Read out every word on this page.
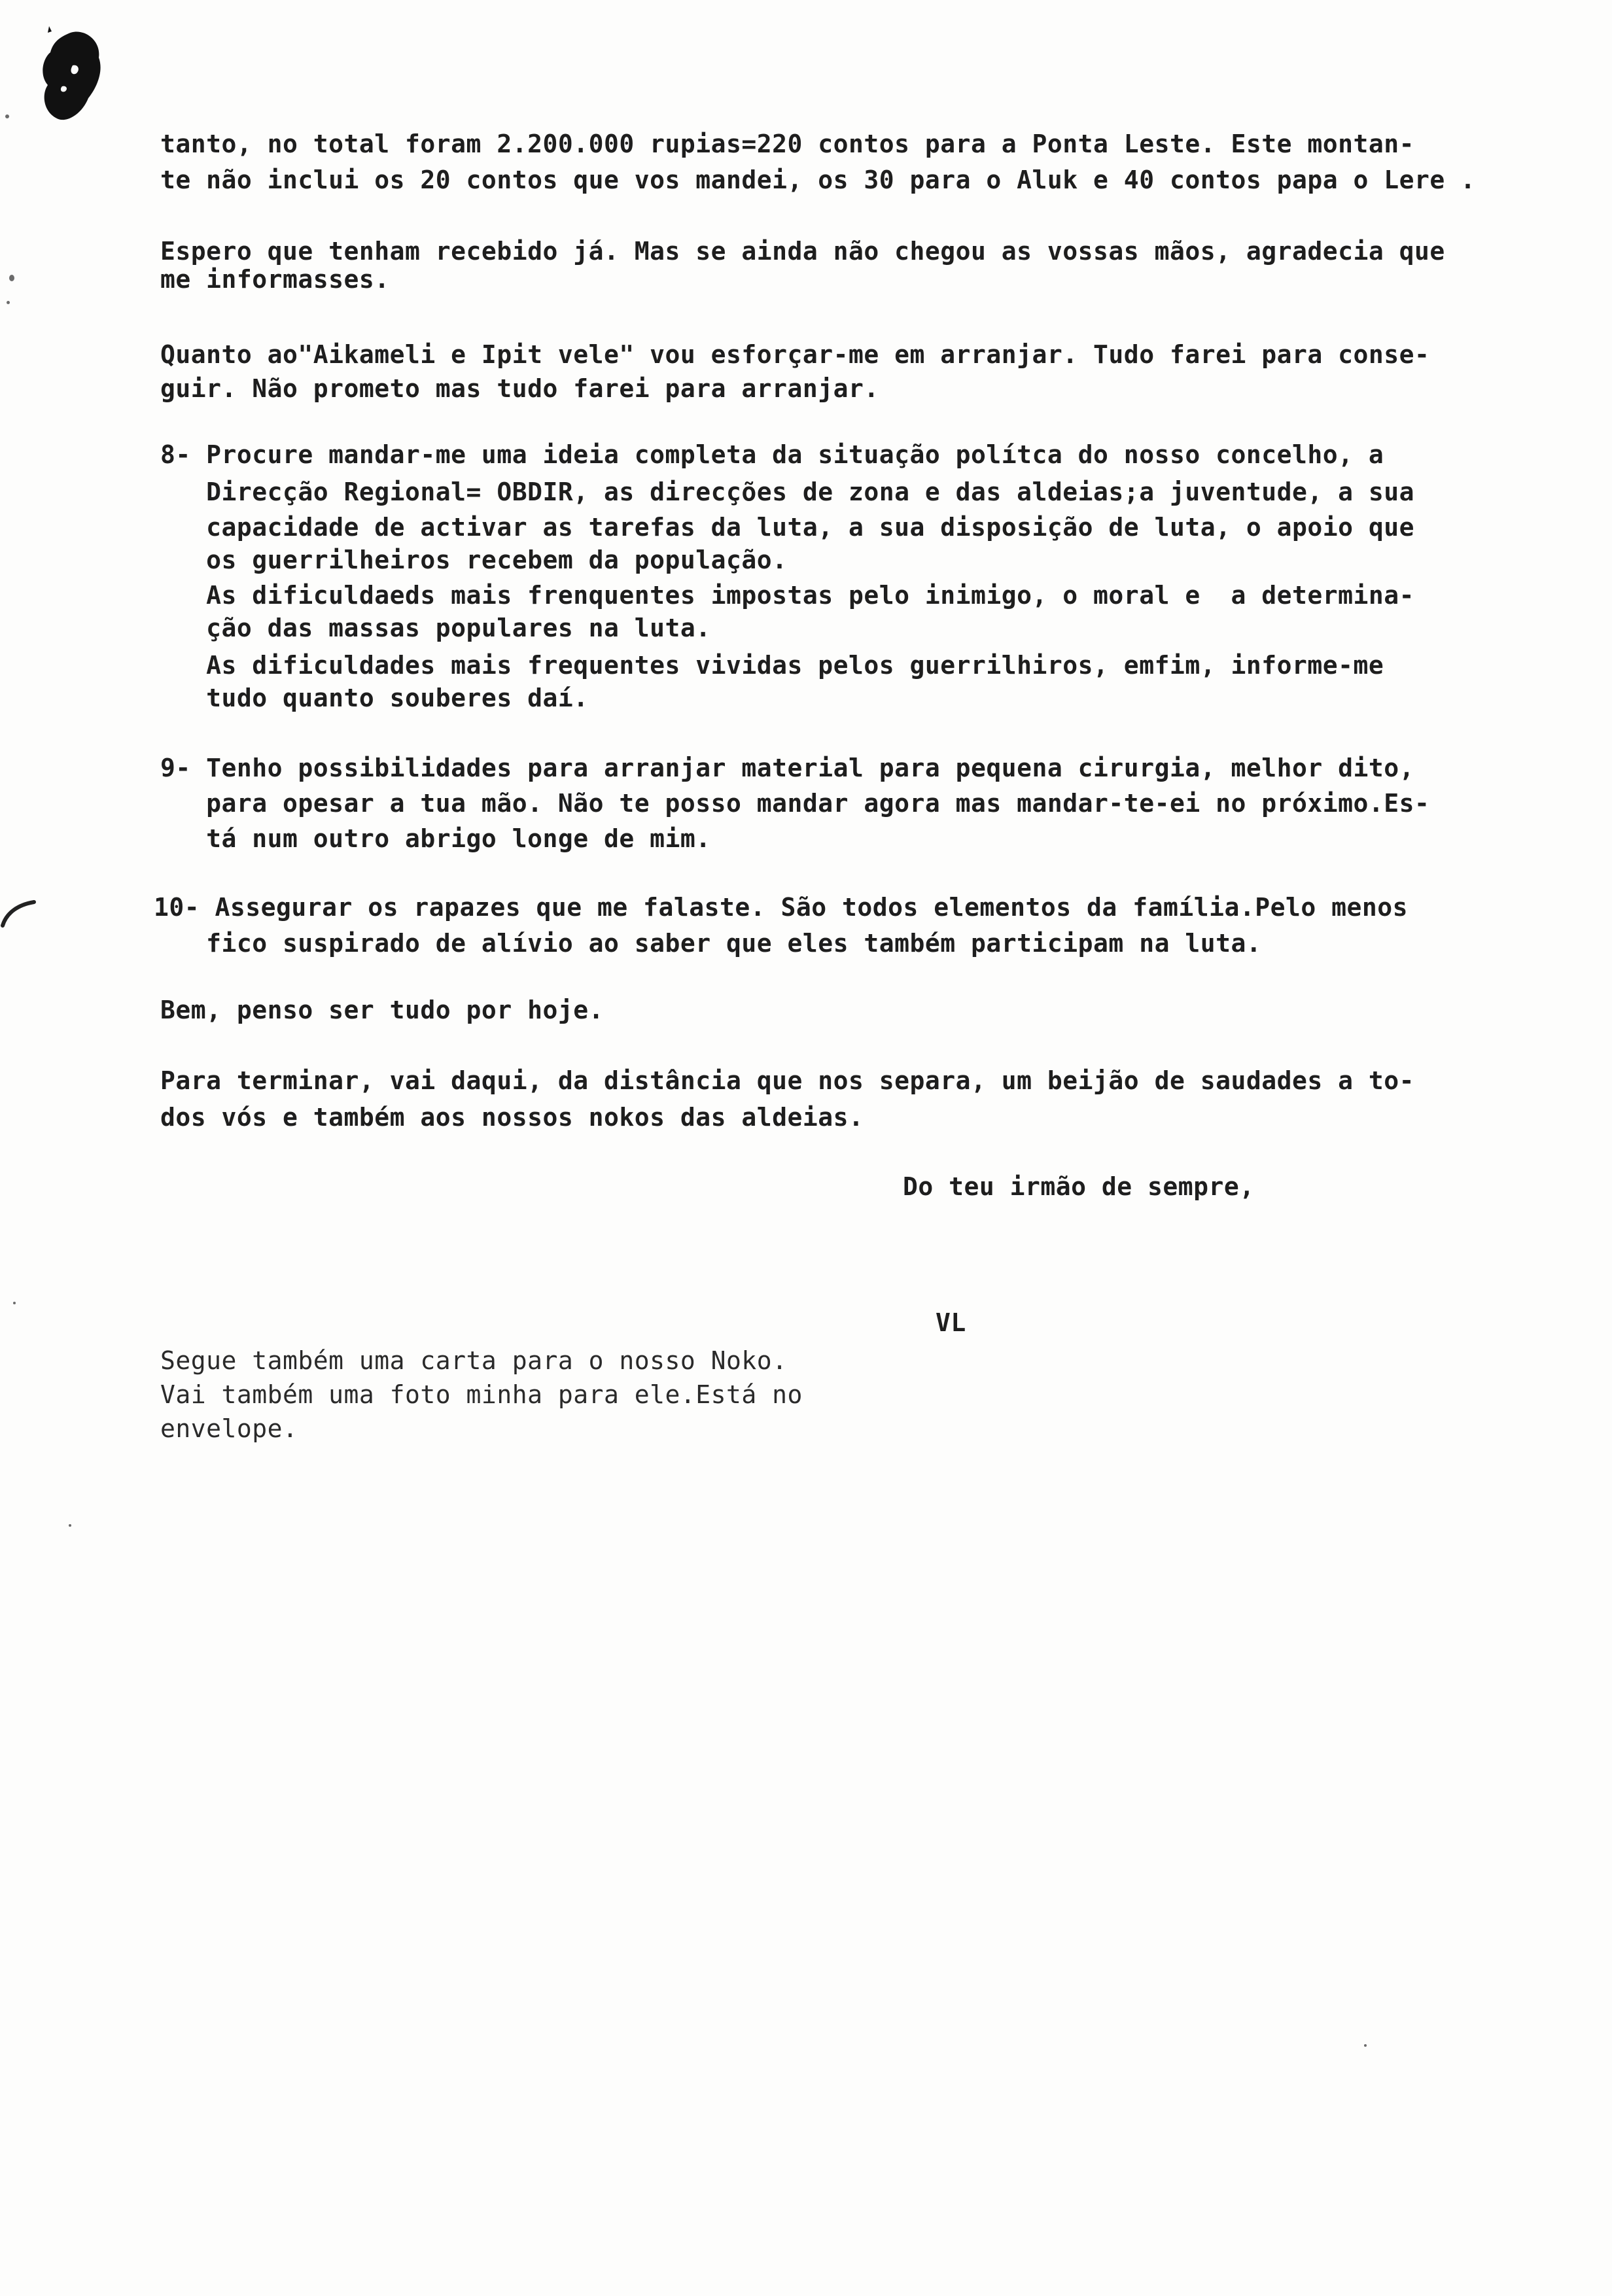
tanto, no total foram 2.200.000 rupias=220 contos para a Ponta Leste. Este montan-
te não inclui os 20 contos que vos mandei, os 30 para o Aluk e 40 contos papa o Lere .
Espero que tenham recebido já. Mas se ainda não chegou as vossas mãos, agradecia que
me informasses.
Quanto ao"Aikameli e Ipit vele" vou esforçar-me em arranjar. Tudo farei para conse-
guir. Não prometo mas tudo farei para arranjar.
8- Procure mandar-me uma ideia completa da situação polítca do nosso concelho, a
Direcção Regional= OBDIR, as direcções de zona e das aldeias;a juventude, a sua
capacidade de activar as tarefas da luta, a sua disposição de luta, o apoio que
os guerrilheiros recebem da população.
As dificuldaeds mais frenquentes impostas pelo inimigo, o moral e  a determina-
ção das massas populares na luta.
As dificuldades mais frequentes vividas pelos guerrilhiros, emfim, informe-me
tudo quanto souberes daí.
9- Tenho possibilidades para arranjar material para pequena cirurgia, melhor dito,
para opesar a tua mão. Não te posso mandar agora mas mandar-te-ei no próximo.Es-
tá num outro abrigo longe de mim.
10- Assegurar os rapazes que me falaste. São todos elementos da família.Pelo menos
fico suspirado de alívio ao saber que eles também participam na luta.
Bem, penso ser tudo por hoje.
Para terminar, vai daqui, da distância que nos separa, um beijão de saudades a to-
dos vós e também aos nossos nokos das aldeias.
Do teu irmão de sempre,
VL
Segue também uma carta para o nosso Noko.
Vai também uma foto minha para ele.Está no
envelope.
